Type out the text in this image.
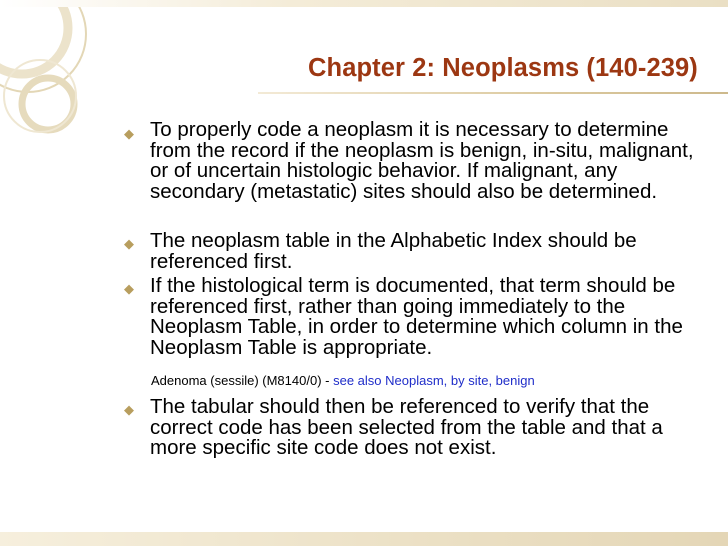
Chapter 2: Neoplasms (140-239)
◆ To properly code a neoplasm it is necessary to determine from the record if the neoplasm is benign, in-situ, malignant, or of uncertain histologic behavior. If malignant, any secondary (metastatic) sites should also be determined.
◆ The neoplasm table in the Alphabetic Index should be referenced first.
◆ If the histological term is documented, that term should be referenced first, rather than going immediately to the Neoplasm Table, in order to determine which column in the Neoplasm Table is appropriate.
Adenoma (sessile) (M8140/0) - see also Neoplasm, by site, benign
◆ The tabular should then be referenced to verify that the correct code has been selected from the table and that a more specific site code does not exist.
